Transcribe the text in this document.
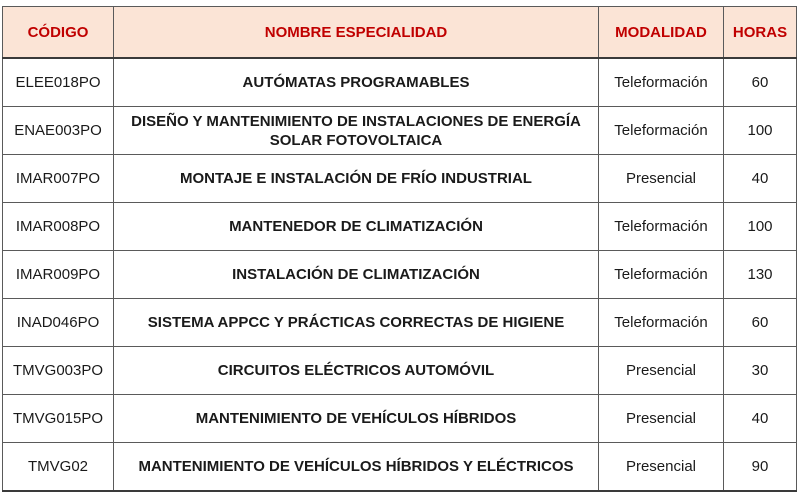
CÓDIGO	NOMBRE ESPECIALIDAD	MODALIDAD	HORAS
ELEE018PO	AUTÓMATAS PROGRAMABLES	Teleformación	60
ENAE003PO	DISEÑO Y MANTENIMIENTO DE INSTALACIONES DE ENERGÍA SOLAR FOTOVOLTAICA	Teleformación	100
IMAR007PO	MONTAJE E INSTALACIÓN DE FRÍO INDUSTRIAL	Presencial	40
IMAR008PO	MANTENEDOR DE CLIMATIZACIÓN	Teleformación	100
IMAR009PO	INSTALACIÓN DE CLIMATIZACIÓN	Teleformación	130
INAD046PO	SISTEMA APPCC Y PRÁCTICAS CORRECTAS DE HIGIENE	Teleformación	60
TMVG003PO	CIRCUITOS ELÉCTRICOS AUTOMÓVIL	Presencial	30
TMVG015PO	MANTENIMIENTO DE VEHÍCULOS HÍBRIDOS	Presencial	40
TMVG02	MANTENIMIENTO DE VEHÍCULOS HÍBRIDOS Y ELÉCTRICOS	Presencial	90
